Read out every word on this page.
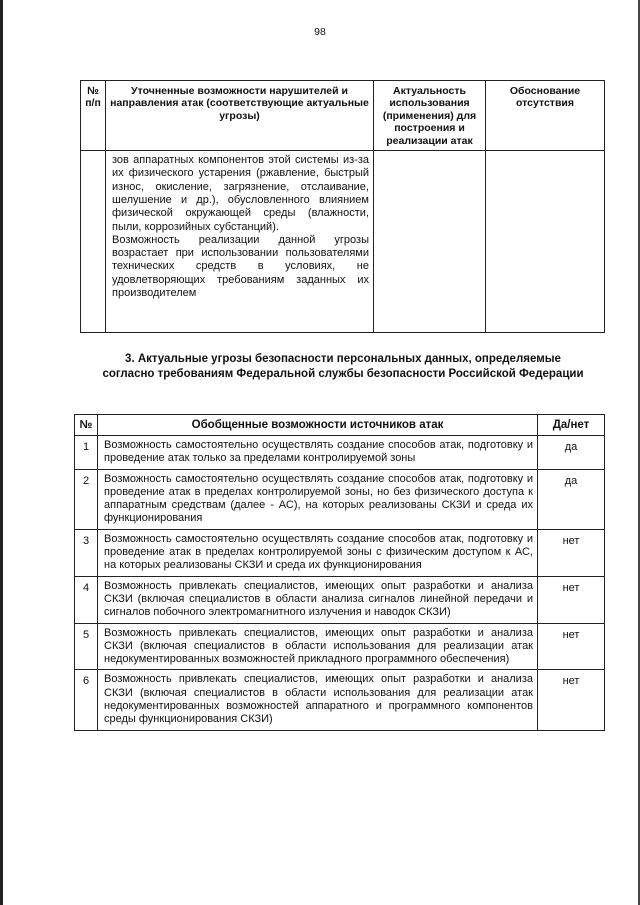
98
№ п/п	Уточненные возможности нарушителей и направления атак (соответствующие актуальные угрозы)	Актуальность использования (применения) для построения и реализации атак	Обоснование отсутствия

	зов аппаратных компонентов этой системы из-за их физического устарения (ржавление, быстрый износ, окисление, загрязнение, отслаивание, шелушение и др.), обусловленного влиянием физической окружающей среды (влажности, пыли, коррозийных субстанций).

Возможность реализации данной угрозы возрастает при использовании пользователями технических средств в условиях, не удовлетворяющих требованиям заданных их производителем		

3. Актуальные угрозы безопасности персональных данных, определяемые согласно требованиям Федеральной службы безопасности Российской Федерации
№	Обобщенные возможности источников атак	Да/нет
1	Возможность самостоятельно осуществлять создание способов атак, подготовку и проведение атак только за пределами контролируемой зоны	да
2	Возможность самостоятельно осуществлять создание способов атак, подготовку и проведение атак в пределах контролируемой зоны, но без физического доступа к аппаратным средствам (далее - АС), на которых реализованы СКЗИ и среда их функционирования	да
3	Возможность самостоятельно осуществлять создание способов атак, подготовку и проведение атак в пределах контролируемой зоны с физическим доступом к АС, на которых реализованы СКЗИ и среда их функционирования	нет
4	Возможность привлекать специалистов, имеющих опыт разработки и анализа СКЗИ (включая специалистов в области анализа сигналов линейной передачи и сигналов побочного электромагнитного излучения и наводок СКЗИ)	нет
5	Возможность привлекать специалистов, имеющих опыт разработки и анализа СКЗИ (включая специалистов в области использования для реализации атак недокументированных возможностей прикладного программного обеспечения)	нет
6	Возможность привлекать специалистов, имеющих опыт разработки и анализа СКЗИ (включая специалистов в области использования для реализации атак недокументированных возможностей аппаратного и программного компонентов среды функционирования СКЗИ)	нет
